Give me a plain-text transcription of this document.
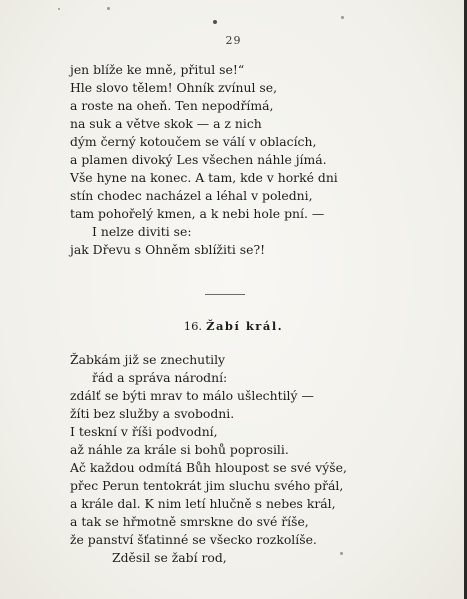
29
jen blíže ke mně, přitul se!“
Hle slovo tělem! Ohník zvínul se,
a roste na oheň. Ten nepodřímá,
na suk a větve skok — a z nich
dým černý kotoučem se válí v oblacích,
a plamen divoký Les všechen náhle jímá.
Vše hyne na konec. A tam, kde v horké dni
stín chodec nacházel a léhal v poledni,
tam pohořelý kmen, a k nebi hole pní. —
I nelze diviti se:
jak Dřevu s Ohněm sblížiti se?!
16. Žabí král.
Žabkám již se znechutily
řád a správa národní:
zdálť se býti mrav to málo ušlechtilý —
žíti bez služby a svobodni.
I teskní v říši podvodní,
až náhle za krále si bohů poprosili.
Ač každou odmítá Bůh hloupost se své výše,
přec Perun tentokrát jim sluchu svého přál,
a krále dal. K nim letí hlučně s nebes král,
a tak se hřmotně smrskne do své říše,
že panství šťatinné se všecko rozkolíše.
Zděsil se žabí rod,
